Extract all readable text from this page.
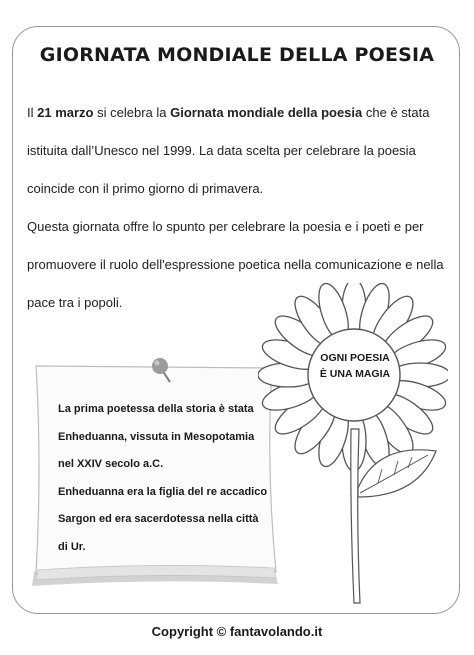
GIORNATA MONDIALE DELLA POESIA

Il 21 marzo si celebra la Giornata mondiale della poesia che è stata istituita dall’Unesco nel 1999. La data scelta per celebrare la poesia coincide con il primo giorno di primavera.

Questa giornata offre lo spunto per celebrare la poesia e i poeti e per promuovere il ruolo dell'espressione poetica nella comunicazione e nella pace tra i popoli.

La prima poetessa della storia è stata
Enheduanna, vissuta in Mesopotamia
nel XXIV secolo a.C.
Enheduanna era la figlia del re accadico
Sargon ed era sacerdotessa nella città
di Ur.
OGNI POESIA
È UNA MAGIA
Copyright © fantavolando.it
